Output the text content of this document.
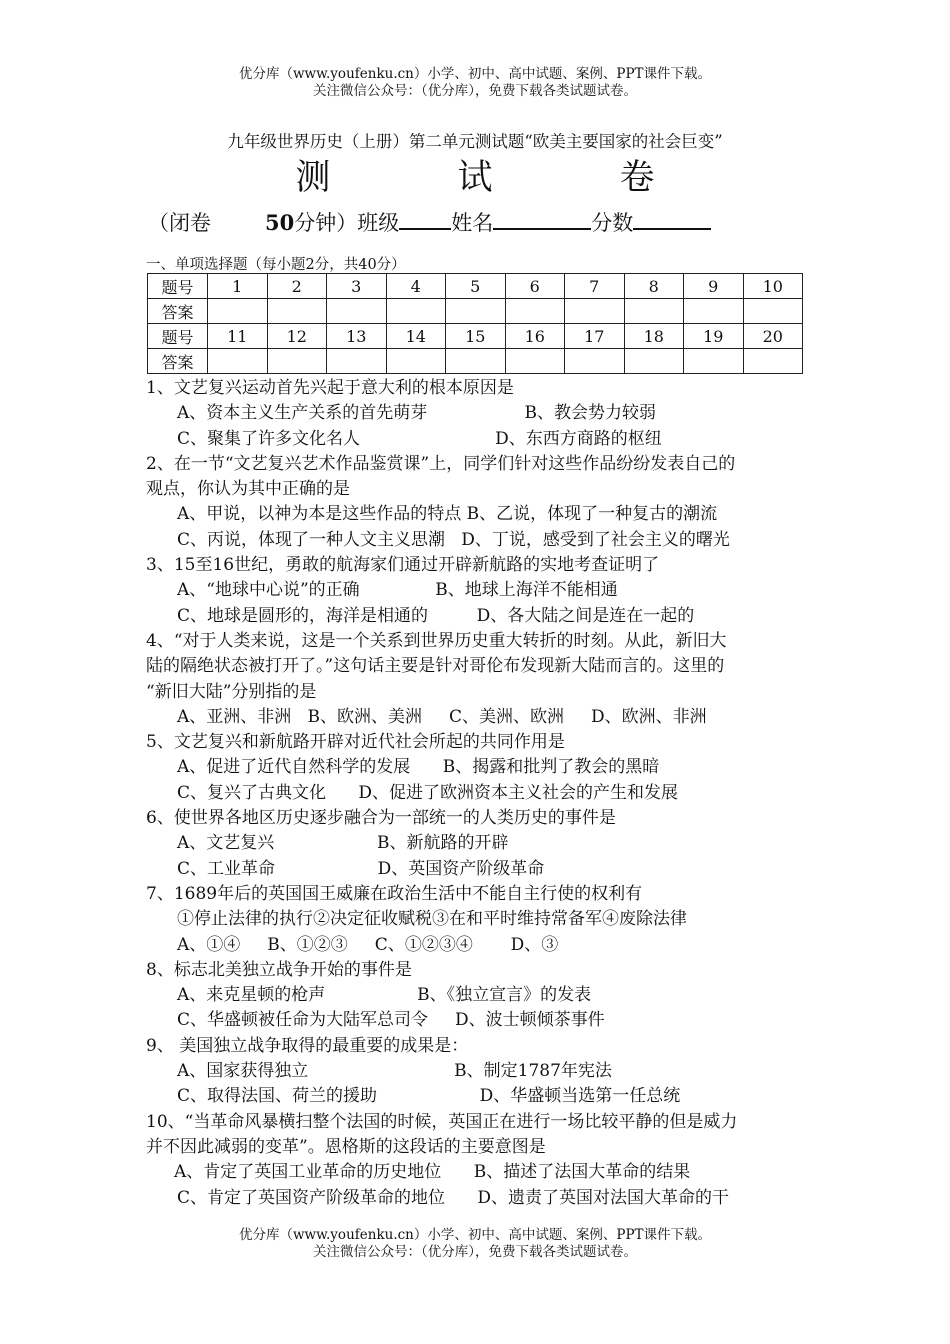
优分库（www.youfenku.cn）小学、初中、高中试题、案例、PPT课件下载。
关注微信公众号：（优分库），免费下载各类试题试卷。
九年级世界历史（上册）第二单元测试题“欧美主要国家的社会巨变”
测	试	卷
（闭卷	50分钟）班级 姓名	分数
一、单项选择题（每小题2分，共40分）
题号	1	2	3	4	5	6	7	8	9	10
答案										
题号	11	12	13	14	15	16	17	18	19	20
答案										
1、文艺复兴运动首先兴起于意大利的根本原因是
A、资本主义生产关系的首先萌芽                  B、教会势力较弱
C、聚集了许多文化名人                         D、东西方商路的枢纽
2、在一节“文艺复兴艺术作品鉴赏课”上，同学们针对这些作品纷纷发表自己的
观点，你认为其中正确的是
A、甲说，以神为本是这些作品的特点 B、乙说，体现了一种复古的潮流
C、丙说，体现了一种人文主义思潮   D、丁说，感受到了社会主义的曙光
3、15至16世纪，勇敢的航海家们通过开辟新航路的实地考查证明了
A、“地球中心说”的正确              B、地球上海洋不能相通
C、地球是圆形的，海洋是相通的         D、各大陆之间是连在一起的
4、“对于人类来说，这是一个关系到世界历史重大转折的时刻。从此，新旧大
陆的隔绝状态被打开了。”这句话主要是针对哥伦布发现新大陆而言的。这里的
“新旧大陆”分别指的是
A、亚洲、非洲   B、欧洲、美洲     C、美洲、欧洲     D、欧洲、非洲
5、文艺复兴和新航路开辟对近代社会所起的共同作用是
A、促进了近代自然科学的发展      B、揭露和批判了教会的黑暗
C、复兴了古典文化      D、促进了欧洲资本主义社会的产生和发展
6、使世界各地区历史逐步融合为一部统一的人类历史的事件是
A、文艺复兴                   B、新航路的开辟
C、工业革命                   D、英国资产阶级革命
7、1689年后的英国国王威廉在政治生活中不能自主行使的权利有
①停止法律的执行②决定征收赋税③在和平时维持常备军④废除法律
A、①④     B、①②③     C、①②③④       D、③
8、标志北美独立战争开始的事件是
A、来克星顿的枪声                 B、《独立宣言》的发表
C、华盛顿被任命为大陆军总司令     D、波士顿倾茶事件
9、 美国独立战争取得的最重要的成果是：
A、国家获得独立                           B、制定1787年宪法
C、取得法国、荷兰的援助                   D、华盛顿当选第一任总统
10、“当革命风暴横扫整个法国的时候，英国正在进行一场比较平静的但是威力
并不因此减弱的变革”。恩格斯的这段话的主要意图是
A、肯定了英国工业革命的历史地位      B、描述了法国大革命的结果
C、肯定了英国资产阶级革命的地位      D、遗责了英国对法国大革命的干
优分库（www.youfenku.cn）小学、初中、高中试题、案例、PPT课件下载。
关注微信公众号：（优分库），免费下载各类试题试卷。
